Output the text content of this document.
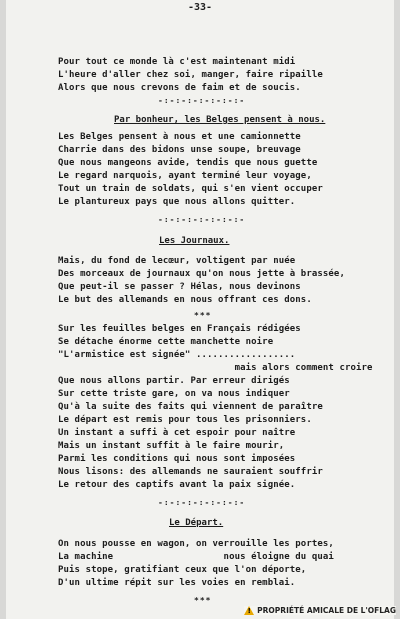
-33-
Pour tout ce monde là c'est maintenant midi
L'heure d'aller chez soi, manger, faire ripaille
Alors que nous crevons de faim et de soucis.
-:-:-:-:-:-:-:-
Par bonheur, les Belges pensent à nous.
Les Belges pensent à nous et une camionnette
Charrie dans des bidons unse soupe, breuvage
Que nous mangeons avide, tendis que nous guette
Le regard narquois, ayant terminé leur voyage,
Tout un train de soldats, qui s'en vient occuper
Le plantureux pays que nous allons quitter.
-:-:-:-:-:-:-:-
Les Journaux.
Mais, du fond de lecœur, voltigent par nuée
Des morceaux de journaux qu'on nous jette à brassée,
Que peut-il se passer ? Hélas, nous devinons
Le but des allemands en nous offrant ces dons.
***
Sur les feuilles belges en Français rédigées
Se détache énorme cette manchette noire
"L'armistice est signée" ..................
mais alors comment croire
Que nous allons partir. Par erreur dirigés
Sur cette triste gare, on va nous indiquer
Qu'à la suite des faits qui viennent de paraître
Le départ est remis pour tous les prisonniers.
Un instant a suffi à cet espoir pour naître
Mais un instant suffit à le faire mourir,
Parmi les conditions qui nous sont imposées
Nous lisons: des allemands ne sauraient souffrir
Le retour des captifs avant la paix signée.
-:-:-:-:-:-:-:-
Le Départ.
On nous pousse en wagon, on verrouille les portes,
La machine                    nous éloigne du quai
Puis stope, gratifiant ceux que l'on déporte,
D'un ultime répit sur les voies en remblai.
***
!
PROPRIÉTÉ AMICALE DE L'OFLAG
